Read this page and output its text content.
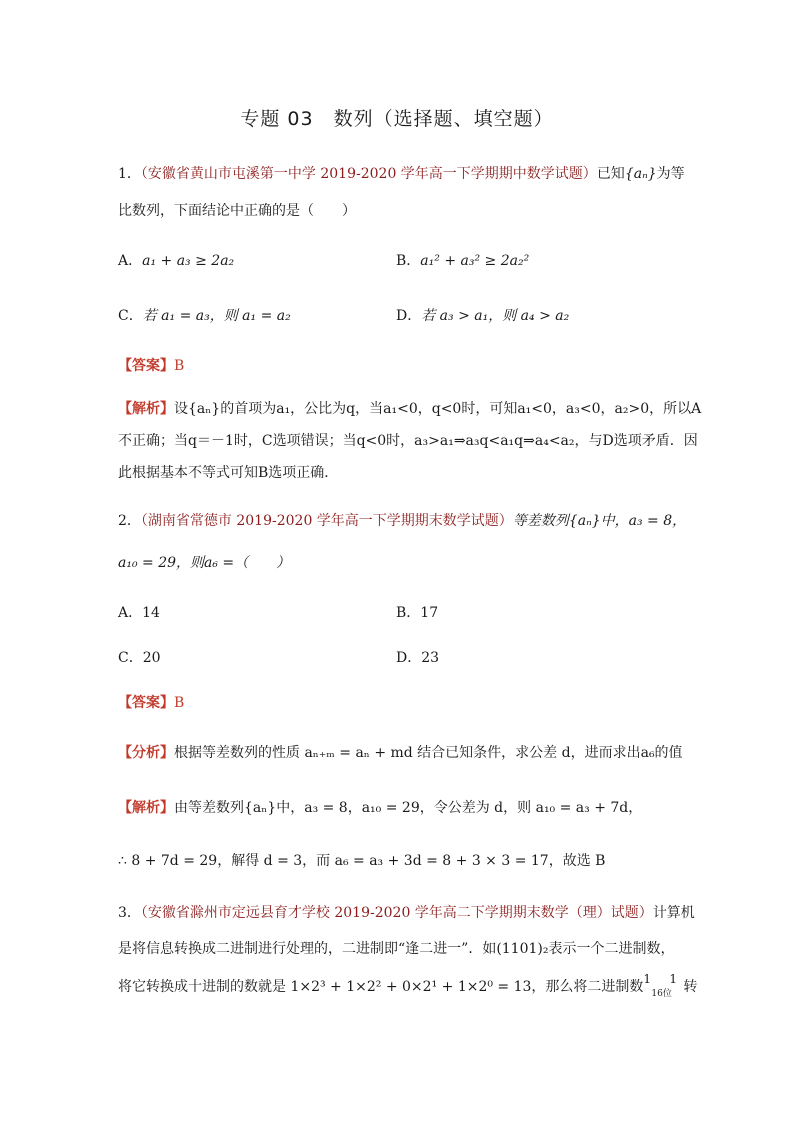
专题 03　数列（选择题、填空题）
1．（安徽省黄山市屯溪第一中学 2019-2020 学年高一下学期期中数学试题）已知{aₙ}为等
比数列，下面结论中正确的是（　　）
A．a₁ + a₃ ≥ 2a₂	B．a₁² + a₃² ≥ 2a₂²
C．若 a₁ = a₃，则 a₁ = a₂	D．若 a₃ > a₁，则 a₄ > a₂
【答案】B
【解析】设{aₙ}的首项为a₁，公比为q，当a₁<0，q<0时，可知a₁<0，a₃<0，a₂>0，所以A
不正确；当q＝－1时，C选项错误；当q<0时，a₃>a₁⇒a₃q<a₁q⇒a₄<a₂，与D选项矛盾．因
此根据基本不等式可知B选项正确．
2．（湖南省常德市 2019-2020 学年高一下学期期末数学试题）等差数列{aₙ}中，a₃ = 8，
a₁₀ = 29，则a₆ =（　　）
A．14	B．17
C．20	D．23
【答案】B
【分析】根据等差数列的性质 aₙ₊ₘ = aₙ + md 结合已知条件，求公差 d，进而求出a₆的值
【解析】由等差数列{aₙ}中，a₃ = 8，a₁₀ = 29，令公差为 d，则 a₁₀ = a₃ + 7d，
∴ 8 + 7d = 29，解得 d = 3，而 a₆ = a₃ + 3d = 8 + 3 × 3 = 17，故选 B
3．（安徽省滁州市定远县育才学校 2019-2020 学年高二下学期期末数学（理）试题）计算机
是将信息转换成二进制进行处理的，二进制即“逢二进一”．如(1101)₂表示一个二进制数，
将它转换成十进制的数就是 1×2³ + 1×2² + 0×2¹ + 1×2⁰ = 13，那么将二进制数 1 1
16位 转
